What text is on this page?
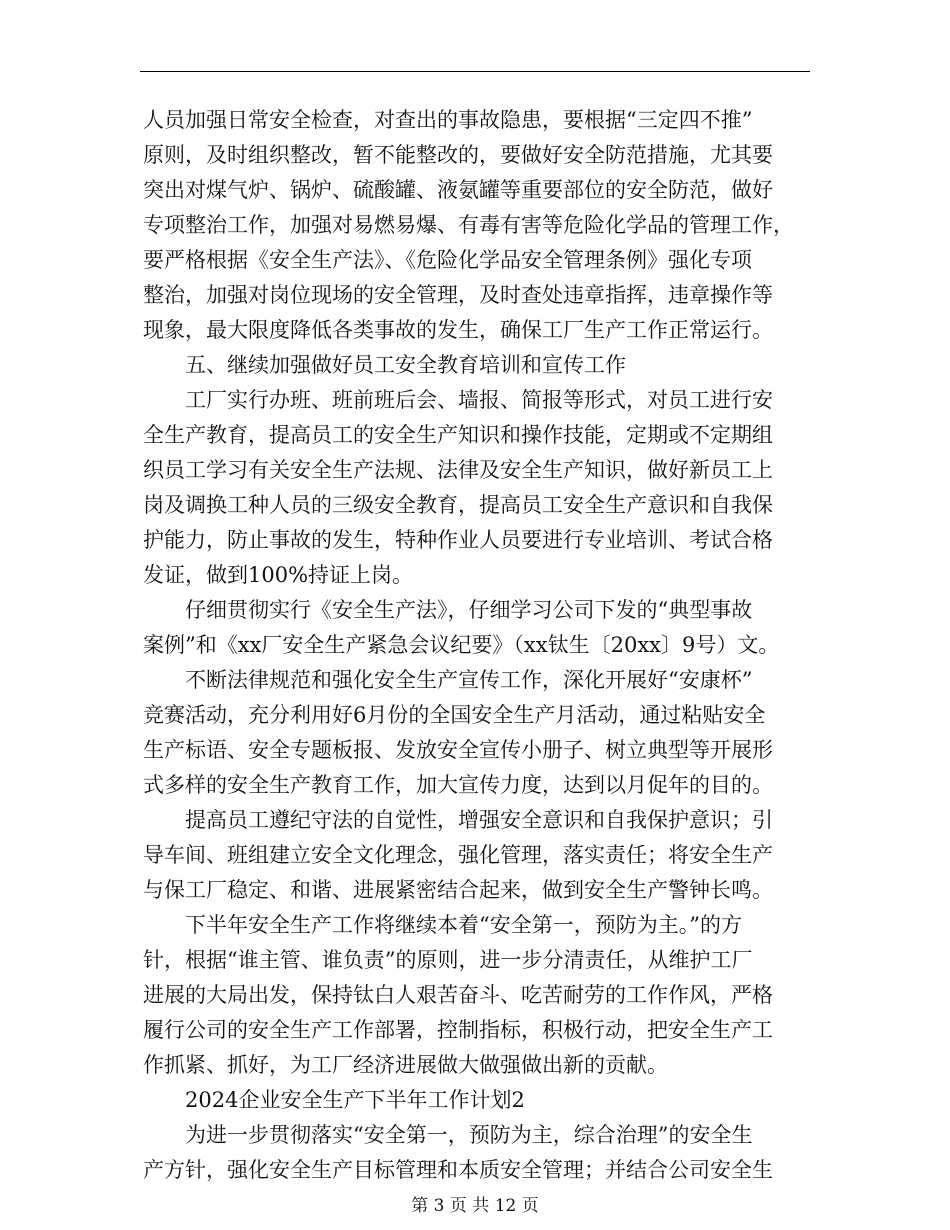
人员加强日常安全检查，对查出的事故隐患，要根据“三定四不推”
原则，及时组织整改，暂不能整改的，要做好安全防范措施，尤其要
突出对煤气炉、锅炉、硫酸罐、液氨罐等重要部位的安全防范，做好
专项整治工作，加强对易燃易爆、有毒有害等危险化学品的管理工作，
要严格根据《安全生产法》、《危险化学品安全管理条例》强化专项
整治，加强对岗位现场的安全管理，及时查处违章指挥，违章操作等
现象，最大限度降低各类事故的发生，确保工厂生产工作正常运行。
五、继续加强做好员工安全教育培训和宣传工作
工厂实行办班、班前班后会、墙报、简报等形式，对员工进行安
全生产教育，提高员工的安全生产知识和操作技能，定期或不定期组
织员工学习有关安全生产法规、法律及安全生产知识，做好新员工上
岗及调换工种人员的三级安全教育，提高员工安全生产意识和自我保
护能力，防止事故的发生，特种作业人员要进行专业培训、考试合格
发证，做到100%持证上岗。
仔细贯彻实行《安全生产法》，仔细学习公司下发的“典型事故
案例”和《xx厂安全生产紧急会议纪要》（xx钛生〔20xx〕9号）文。
不断法律规范和强化安全生产宣传工作，深化开展好“安康杯”
竞赛活动，充分利用好6月份的全国安全生产月活动，通过粘贴安全
生产标语、安全专题板报、发放安全宣传小册子、树立典型等开展形
式多样的安全生产教育工作，加大宣传力度，达到以月促年的目的。
提高员工遵纪守法的自觉性，增强安全意识和自我保护意识；引
导车间、班组建立安全文化理念，强化管理，落实责任；将安全生产
与保工厂稳定、和谐、进展紧密结合起来，做到安全生产警钟长鸣。
下半年安全生产工作将继续本着“安全第一，预防为主。”的方
针，根据“谁主管、谁负责”的原则，进一步分清责任，从维护工厂
进展的大局出发，保持钛白人艰苦奋斗、吃苦耐劳的工作作风，严格
履行公司的安全生产工作部署，控制指标，积极行动，把安全生产工
作抓紧、抓好，为工厂经济进展做大做强做出新的贡献。
2024企业安全生产下半年工作计划2
为进一步贯彻落实“安全第一，预防为主，综合治理”的安全生
第 3 页 共 12 页
产方针，强化安全生产目标管理和本质安全管理；并结合公司安全生
